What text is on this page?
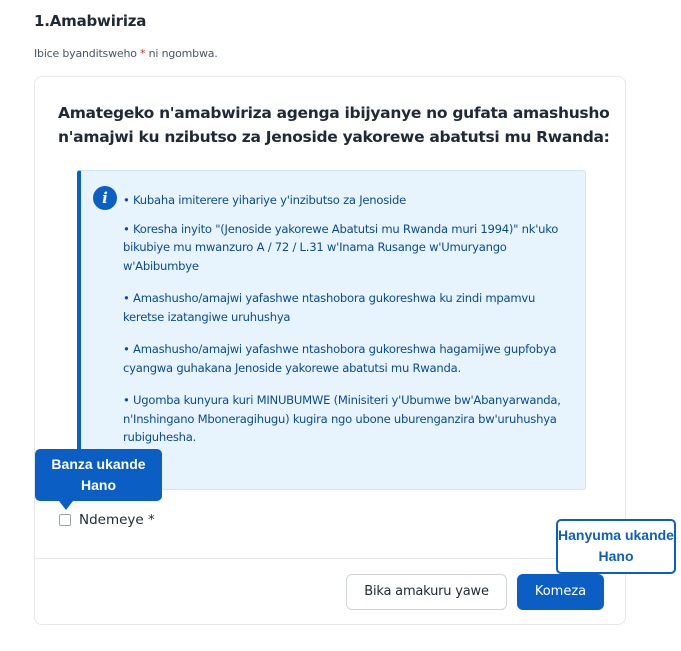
1.Amabwiriza
Ibice byanditsweho * ni ngombwa.
Amategeko n'amabwiriza agenga ibijyanye no gufata amashusho n'amajwi ku nzibutso za Jenoside yakorewe abatutsi mu Rwanda:
i	• Kubaha imiterere yihariye y'inzibutso za Jenoside

• Koresha inyito "(Jenoside yakorewe Abatutsi mu Rwanda muri 1994)" nk'uko bikubiye mu mwanzuro A / 72 / L.31 w'Inama Rusange w'Umuryango w'Abibumbye

• Amashusho/amajwi yafashwe ntashobora gukoreshwa ku zindi mpamvu keretse izatangiwe uruhushya

• Amashusho/amajwi yafashwe ntashobora gukoreshwa hagamijwe gupfobya cyangwa guhakana Jenoside yakorewe abatutsi mu Rwanda.

• Ugomba kunyura kuri MINUBUMWE (Minisiteri y'Ubumwe bw'Abanyarwanda, n'Inshingano Mboneragihugu) kugira ngo ubone uburenganzira bw'uruhushya rubiguhesha.

Ndemeye *
Bika amakuru yawe	Komeza
Banza ukande Hano
Hanyuma ukande Hano
